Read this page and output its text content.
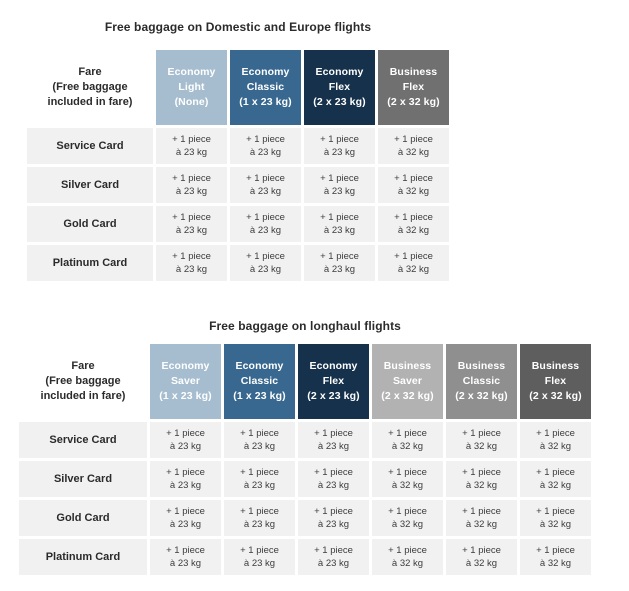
Free baggage on Domestic and Europe flights
Fare
(Free baggage
included in fare)
Economy
Light
(None)
Economy
Classic
(1 x 23 kg)
Economy
Flex
(2 x 23 kg)
Business
Flex
(2 x 32 kg)
Service Card
+ 1 piece
à 23 kg
+ 1 piece
à 23 kg
+ 1 piece
à 23 kg
+ 1 piece
à 32 kg
Silver Card
+ 1 piece
à 23 kg
+ 1 piece
à 23 kg
+ 1 piece
à 23 kg
+ 1 piece
à 32 kg
Gold Card
+ 1 piece
à 23 kg
+ 1 piece
à 23 kg
+ 1 piece
à 23 kg
+ 1 piece
à 32 kg
Platinum Card
+ 1 piece
à 23 kg
+ 1 piece
à 23 kg
+ 1 piece
à 23 kg
+ 1 piece
à 32 kg
Free baggage on longhaul flights
Fare
(Free baggage
included in fare)
Economy
Saver
(1 x 23 kg)
Economy
Classic
(1 x 23 kg)
Economy
Flex
(2 x 23 kg)
Business
Saver
(2 x 32 kg)
Business
Classic
(2 x 32 kg)
Business
Flex
(2 x 32 kg)
Service Card
+ 1 piece
à 23 kg
+ 1 piece
à 23 kg
+ 1 piece
à 23 kg
+ 1 piece
à 32 kg
+ 1 piece
à 32 kg
+ 1 piece
à 32 kg
Silver Card
+ 1 piece
à 23 kg
+ 1 piece
à 23 kg
+ 1 piece
à 23 kg
+ 1 piece
à 32 kg
+ 1 piece
à 32 kg
+ 1 piece
à 32 kg
Gold Card
+ 1 piece
à 23 kg
+ 1 piece
à 23 kg
+ 1 piece
à 23 kg
+ 1 piece
à 32 kg
+ 1 piece
à 32 kg
+ 1 piece
à 32 kg
Platinum Card
+ 1 piece
à 23 kg
+ 1 piece
à 23 kg
+ 1 piece
à 23 kg
+ 1 piece
à 32 kg
+ 1 piece
à 32 kg
+ 1 piece
à 32 kg
